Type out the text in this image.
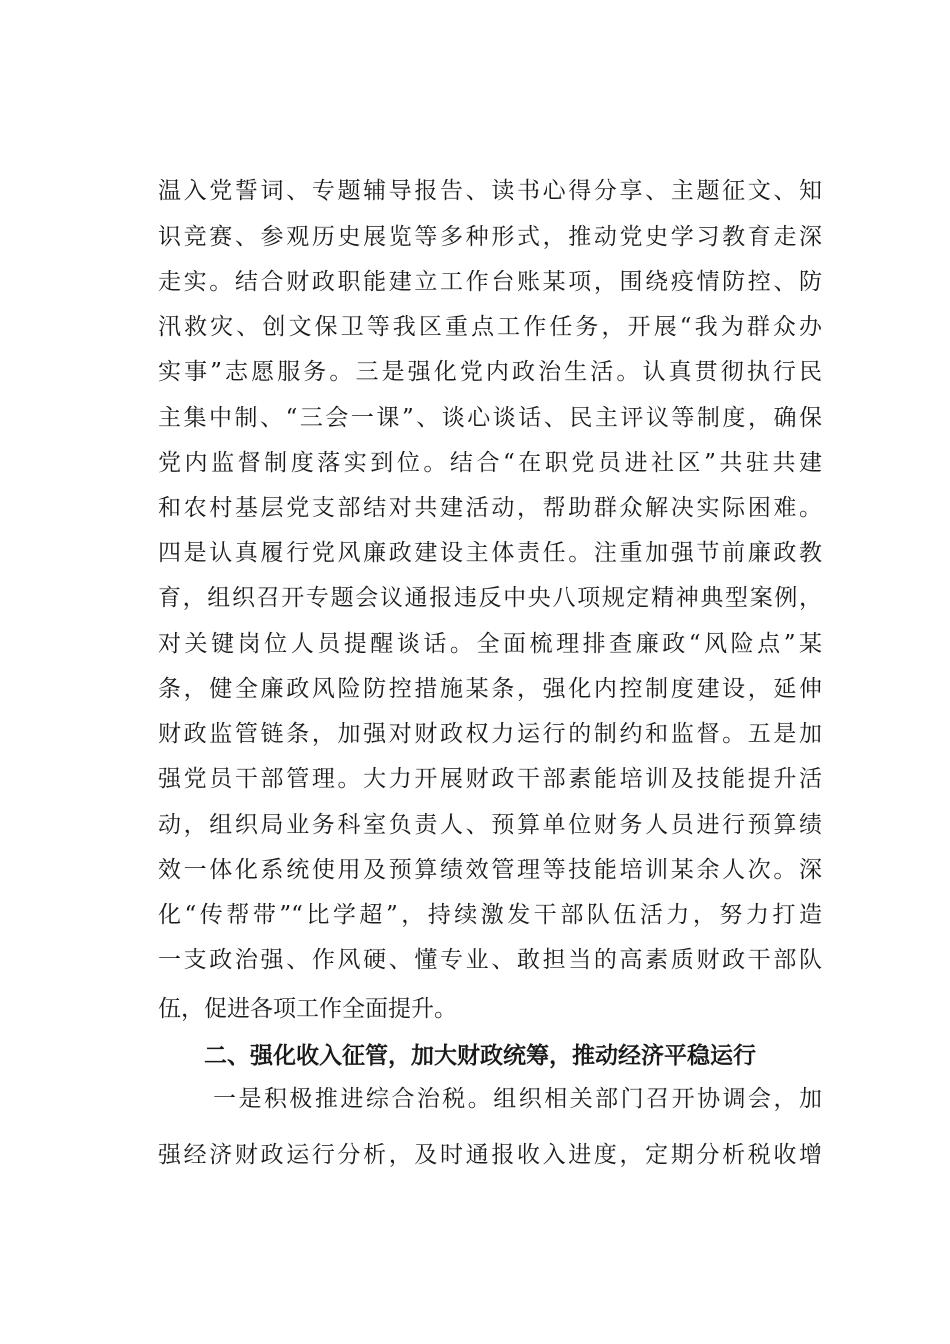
温入党誓词、专题辅导报告、读书心得分享、主题征文、知
识竞赛、参观历史展览等多种形式，推动党史学习教育走深
走实。结合财政职能建立工作台账某项，围绕疫情防控、防
汛救灾、创文保卫等我区重点工作任务，开展“我为群众办
实事”志愿服务。三是强化党内政治生活。认真贯彻执行民
主集中制、“三会一课”、谈心谈话、民主评议等制度，确保
党内监督制度落实到位。结合“在职党员进社区”共驻共建
和农村基层党支部结对共建活动，帮助群众解决实际困难。
四是认真履行党风廉政建设主体责任。注重加强节前廉政教
育，组织召开专题会议通报违反中央八项规定精神典型案例，
对关键岗位人员提醒谈话。全面梳理排查廉政“风险点”某
条，健全廉政风险防控措施某条，强化内控制度建设，延伸
财政监管链条，加强对财政权力运行的制约和监督。五是加
强党员干部管理。大力开展财政干部素能培训及技能提升活
动，组织局业务科室负责人、预算单位财务人员进行预算绩
效一体化系统使用及预算绩效管理等技能培训某余人次。深
化“传帮带”“比学超”，持续激发干部队伍活力，努力打造
一支政治强、作风硬、懂专业、敢担当的高素质财政干部队
伍，促进各项工作全面提升。
二、强化收入征管，加大财政统筹，推动经济平稳运行
一是积极推进综合治税。组织相关部门召开协调会，加
强经济财政运行分析，及时通报收入进度，定期分析税收增
